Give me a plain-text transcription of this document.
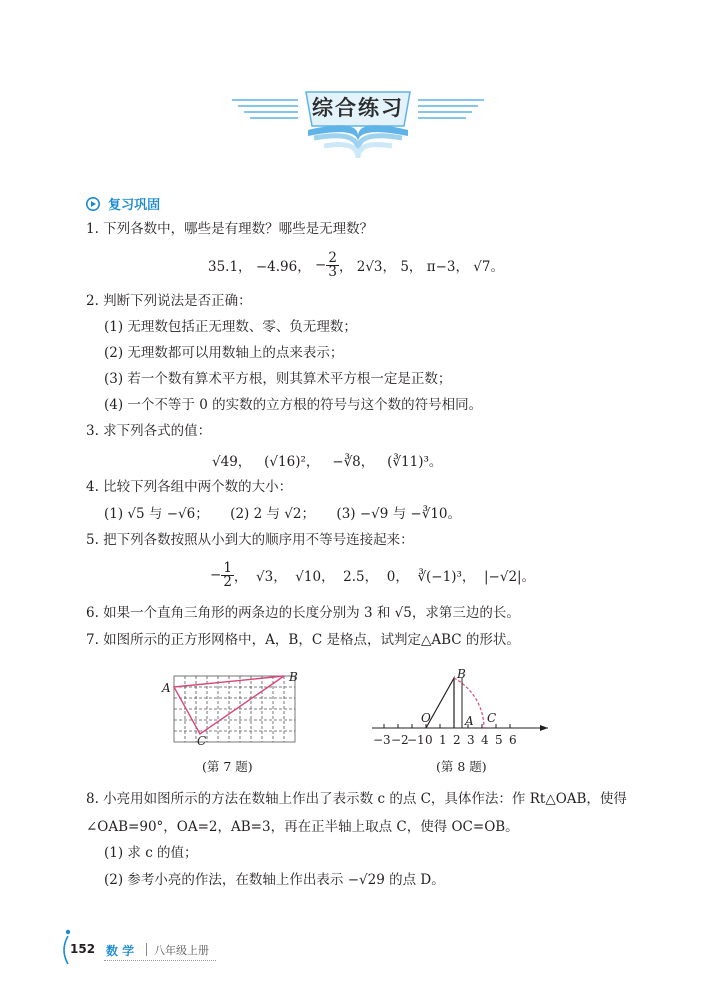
综合练习
复习巩固
1. 下列各数中，哪些是有理数？哪些是无理数？
35.1，
−4.96，
− $\frac{2}{3}$ ，
2√3，
5，
π−3，
√7。
2. 判断下列说法是否正确：
(1) 无理数包括正无理数、零、负无理数；
(2) 无理数都可以用数轴上的点来表示；
(3) 若一个数有算术平方根，则其算术平方根一定是正数；
(4) 一个不等于 0 的实数的立方根的符号与这个数的符号相同。
3. 求下列各式的值：
√49， (√16)²， −∛8， (∛11)³。
4. 比较下列各组中两个数的大小：
(1) √5 与 −√6； (2) 2 与 √2； (3) −√9 与 −∛10。
5. 把下列各数按照从小到大的顺序用不等号连接起来：
− $\frac{1}{2}$ ，
√3，
√10，
2.5，
0，
∛(−1)³，
|−√2|。
6. 如果一个直角三角形的两条边的长度分别为 3 和 √5，求第三边的长。
7. 如图所示的正方形网格中，A，B，C 是格点，试判定△ABC 的形状。
A
B
C
(第 7 题)
O
B
A C
−3 −2
−1 0 1 2 3 4 5 6
(第 8 题)
8. 小亮用如图所示的方法在数轴上作出了表示数 c 的点 C，具体作法：作 Rt△OAB，使得
∠OAB=90°，OA=2，AB=3，再在正半轴上取点 C，使得 OC=OB。
(1) 求 c 的值；
(2) 参考小亮的作法，在数轴上作出表示 −√29 的点 D。
152 数 学 八年级上册
